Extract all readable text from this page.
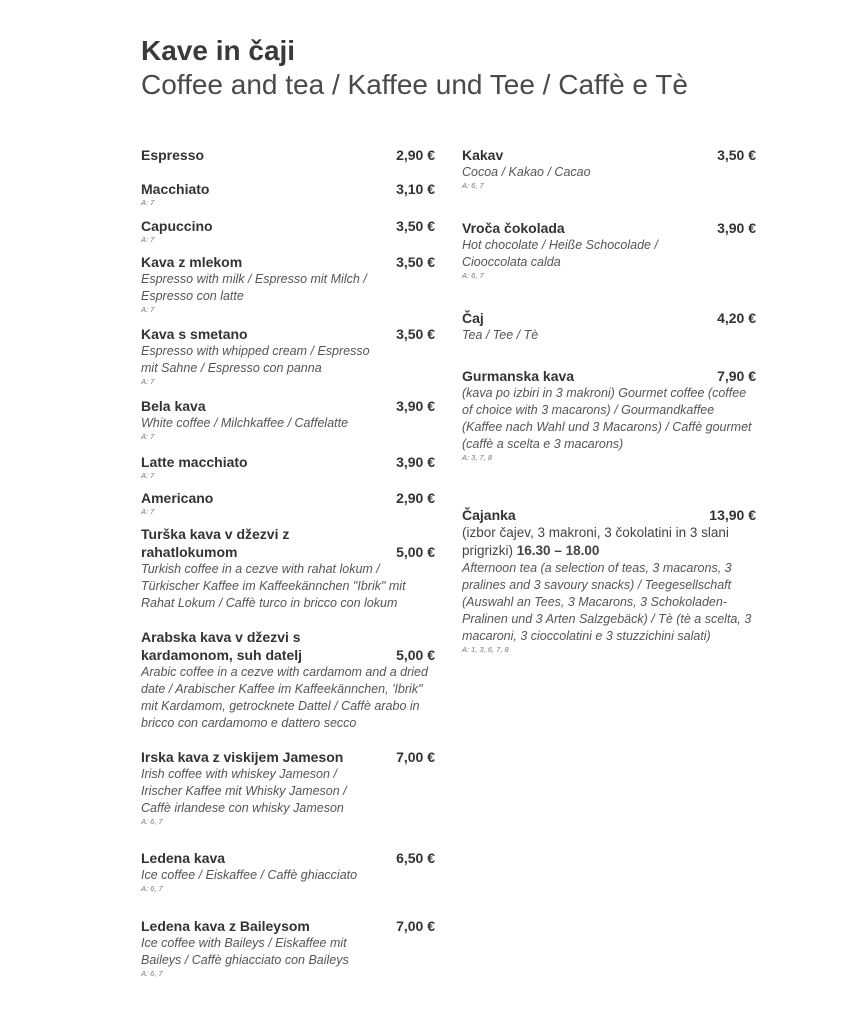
Kave in čaji
Coffee and tea / Kaffee und Tee / Caffè e Tè
Espresso	2,90 €
Macchiato	3,10 €
A: 7
Capuccino	3,50 €
A: 7
Kava z mlekom	3,50 €
Espresso with milk / Espresso mit Milch / Espresso con latte
A: 7
Kava s smetano	3,50 €
Espresso with whipped cream / Espresso mit Sahne / Espresso con panna
A: 7
Bela kava	3,90 €
White coffee / Milchkaffee / Caffelatte
A: 7
Latte macchiato	3,90 €
A: 7
Americano	2,90 €
A: 7
Turška kava v džezvi z rahatlokumom	5,00 €
Turkish coffee in a cezve with rahat lokum / Türkischer Kaffee im Kaffeekännchen "Ibrik" mit Rahat Lokum / Caffè turco in bricco con lokum
Arabska kava v džezvi s kardamonom, suh datelj	5,00 €
Arabic coffee in a cezve with cardamom and a dried date / Arabischer Kaffee im Kaffeekännchen, 'Ibrik" mit Kardamom, getrocknete Dattel / Caffè arabo in bricco con cardamomo e dattero secco
Irska kava z viskijem Jameson	7,00 €
Irish coffee with whiskey Jameson / Irischer Kaffee mit Whisky Jameson / Caffè irlandese con whisky Jameson
A: 6, 7
Ledena kava	6,50 €
Ice coffee / Eiskaffee / Caffè ghiacciato
A: 6, 7
Ledena kava z Baileysom	7,00 €
Ice coffee with Baileys / Eiskaffee mit Baileys / Caffè ghiacciato con Baileys
A: 6, 7
Kakav	3,50 €
Cocoa / Kakao / Cacao
A: 6, 7
Vroča čokolada	3,90 €
Hot chocolate / Heiße Schocolade / Ciooccolata calda
A: 6, 7
Čaj	4,20 €
Tea / Tee / Tè
Gurmanska kava	7,90 €
(kava po izbiri in 3 makroni) Gourmet coffee (coffee of choice with 3 macarons) / Gourmandkaffee (Kaffee nach Wahl und 3 Macarons) / Caffè gourmet (caffè a scelta e 3 macarons)
A: 3, 7, 8
Čajanka	13,90 €
(izbor čajev, 3 makroni, 3 čokolatini in 3 slani prigrizki) 16.30 – 18.00
Afternoon tea (a selection of teas, 3 macarons, 3 pralines and 3 savoury snacks) / Teegesellschaft (Auswahl an Tees, 3 Macarons, 3 Schokoladen-Pralinen und 3 Arten Salzgebäck) / Tè (tè a scelta, 3 macaroni, 3 cioccolatini e 3 stuzzichini salati)
A: 1, 3, 6, 7, 8
